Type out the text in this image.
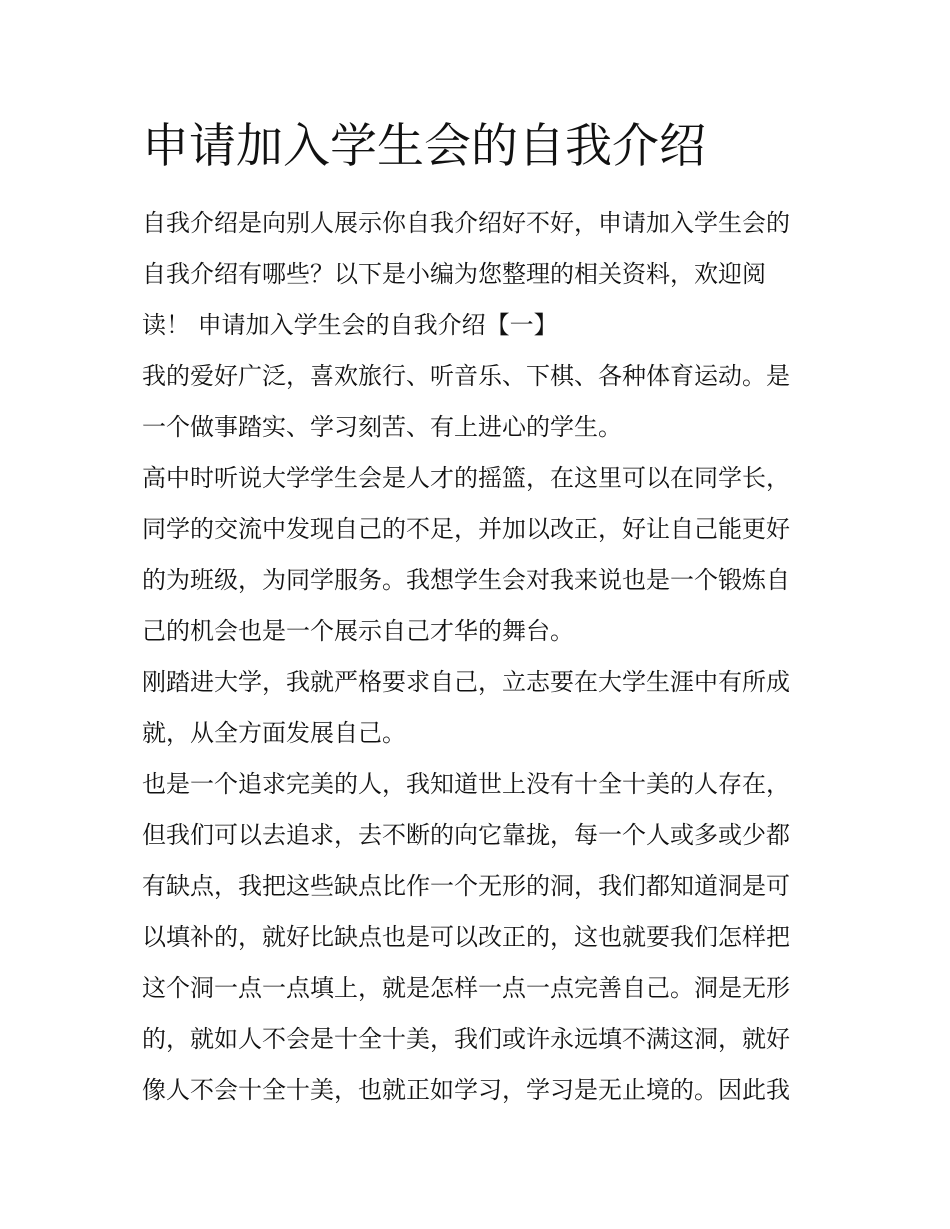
申请加入学生会的自我介绍
自我介绍是向别人展示你自我介绍好不好，申请加入学生会的
自我介绍有哪些？以下是小编为您整理的相关资料，欢迎阅
读！ 申请加入学生会的自我介绍【一】
我的爱好广泛，喜欢旅行、听音乐、下棋、各种体育运动。是
一个做事踏实、学习刻苦、有上进心的学生。
高中时听说大学学生会是人才的摇篮，在这里可以在同学长，
同学的交流中发现自己的不足，并加以改正，好让自己能更好
的为班级，为同学服务。我想学生会对我来说也是一个锻炼自
己的机会也是一个展示自己才华的舞台。
刚踏进大学，我就严格要求自己，立志要在大学生涯中有所成
就，从全方面发展自己。
也是一个追求完美的人，我知道世上没有十全十美的人存在，
但我们可以去追求，去不断的向它靠拢，每一个人或多或少都
有缺点，我把这些缺点比作一个无形的洞，我们都知道洞是可
以填补的，就好比缺点也是可以改正的，这也就要我们怎样把
这个洞一点一点填上，就是怎样一点一点完善自己。洞是无形
的，就如人不会是十全十美，我们或许永远填不满这洞，就好
像人不会十全十美，也就正如学习，学习是无止境的。因此我
